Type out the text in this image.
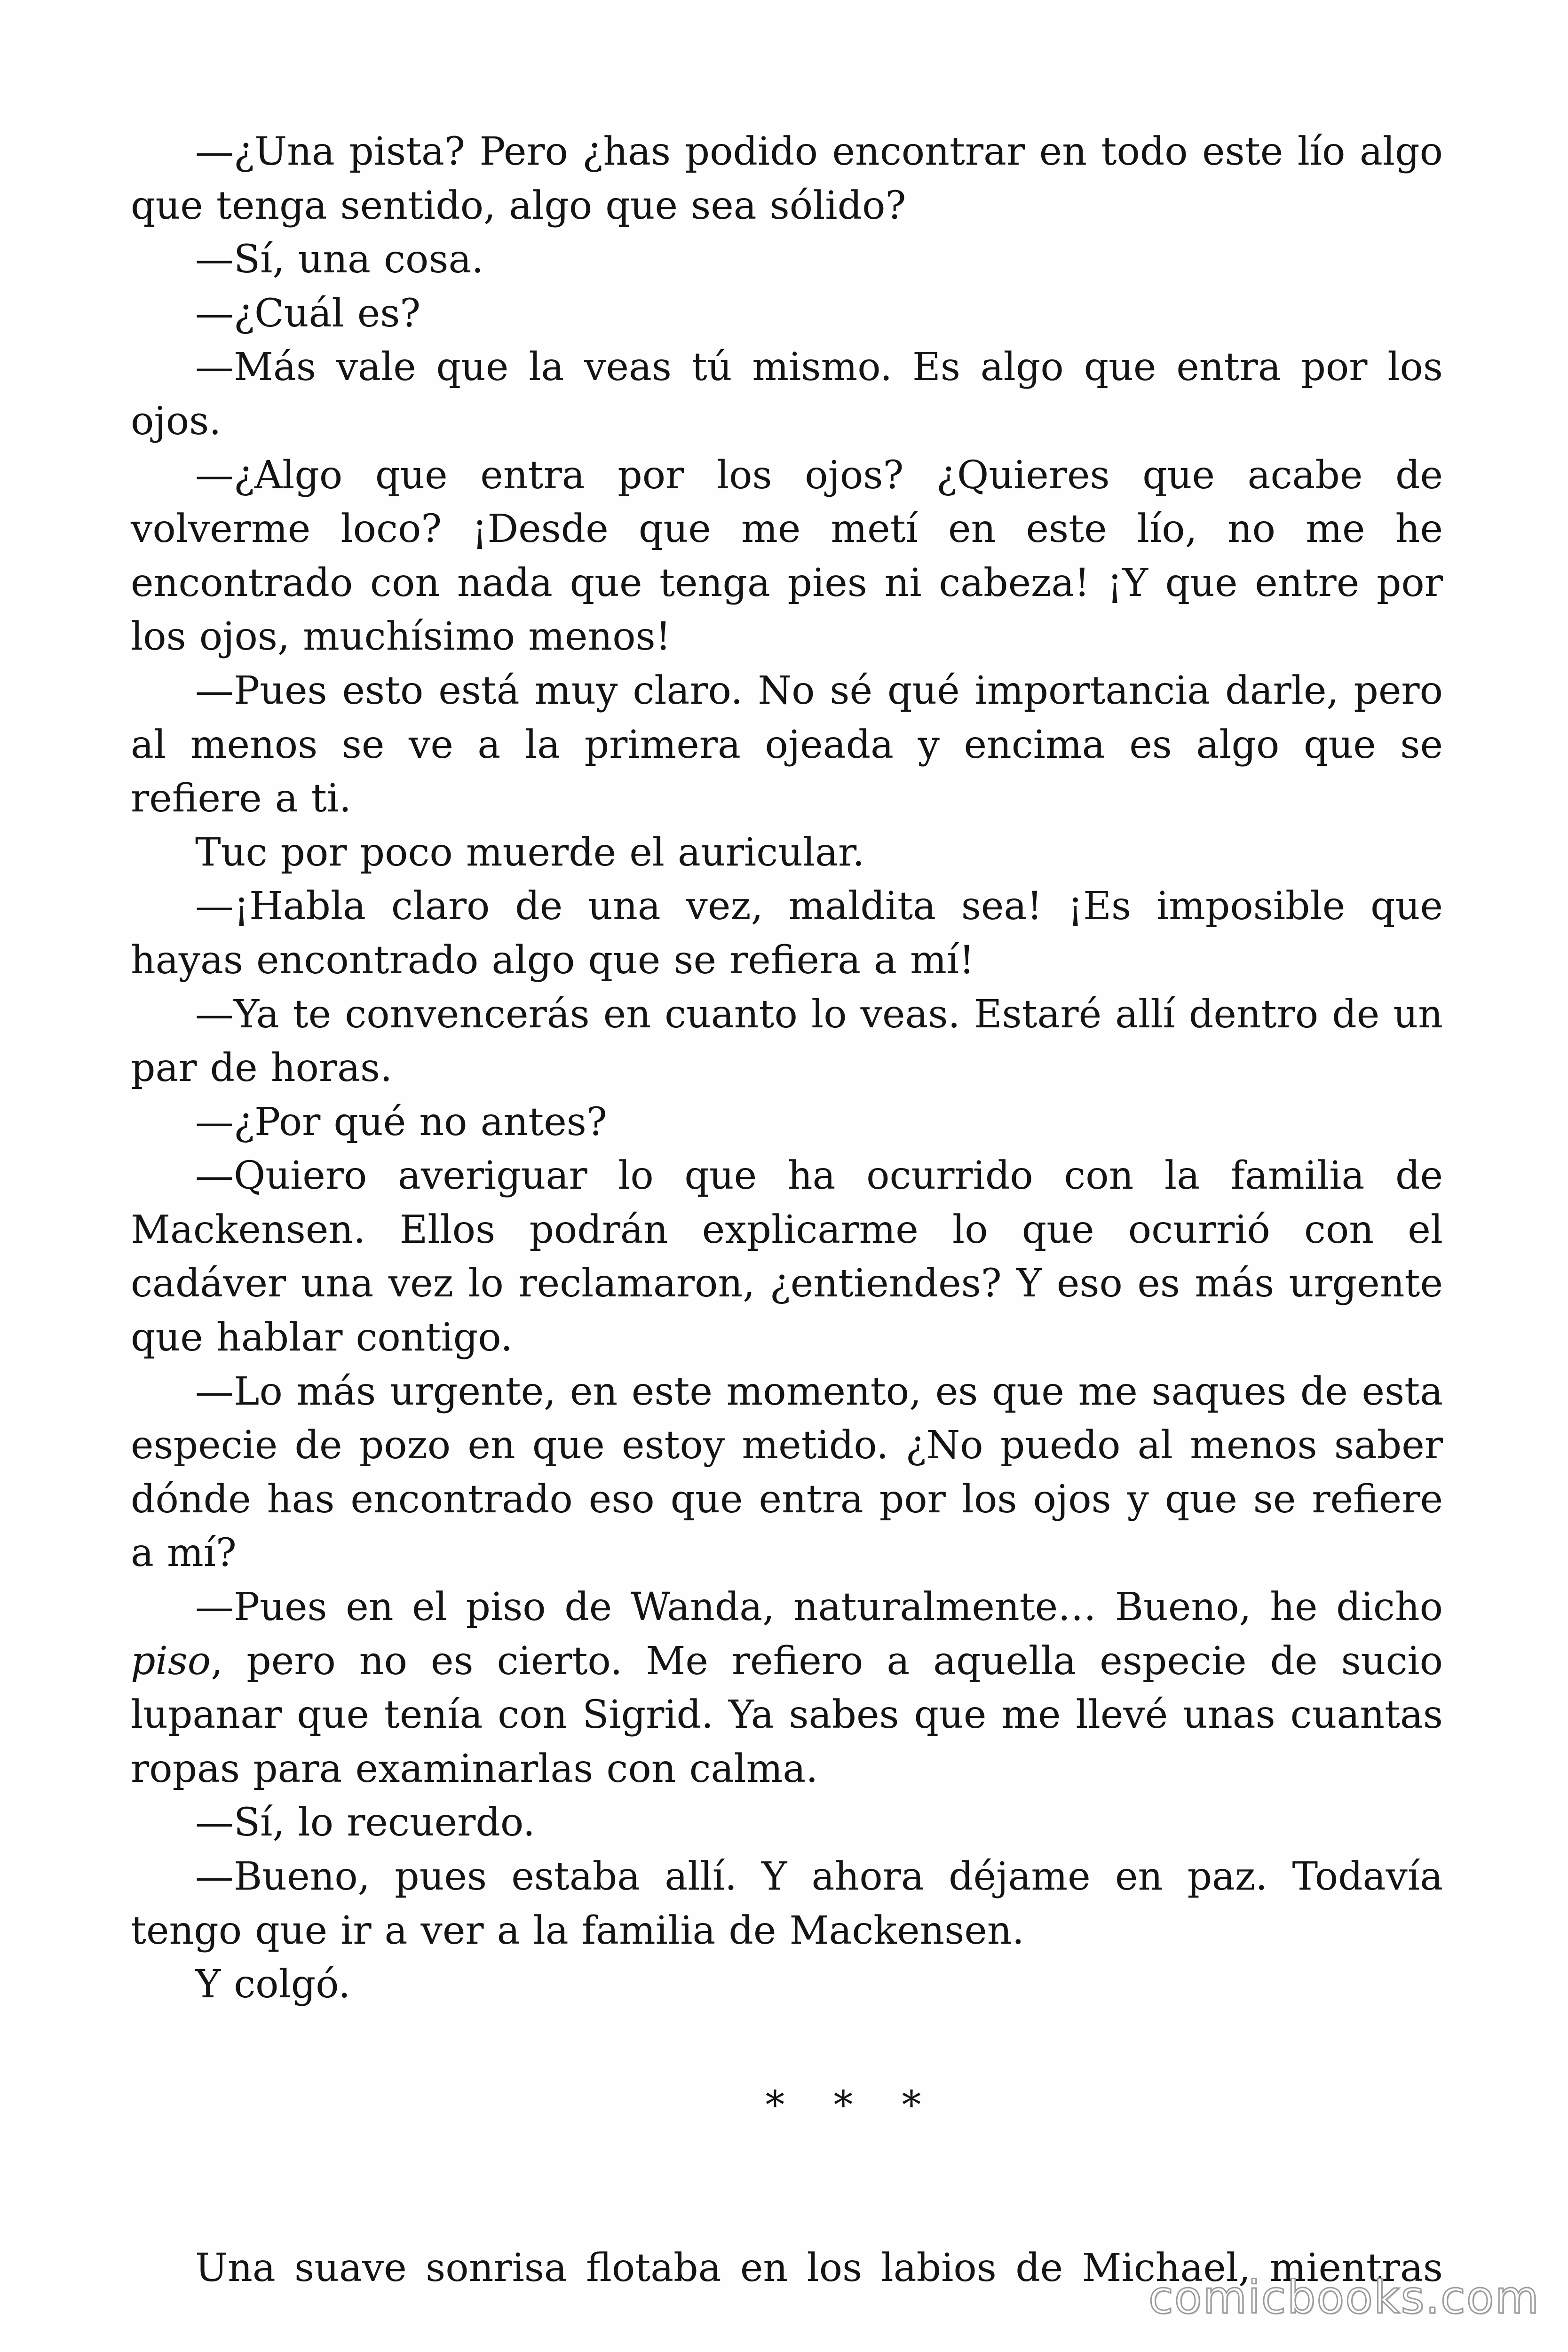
—¿Una pista? Pero ¿has podido encontrar en todo este lío algo que tenga sentido, algo que sea sólido?

—Sí, una cosa.

—¿Cuál es?

—Más vale que la veas tú mismo. Es algo que entra por los ojos.

—¿Algo que entra por los ojos? ¿Quieres que acabe de volverme loco? ¡Desde que me metí en este lío, no me he encontrado con nada que tenga pies ni cabeza! ¡Y que entre por los ojos, muchísimo menos!

—Pues esto está muy claro. No sé qué importancia darle, pero al menos se ve a la primera ojeada y encima es algo que se refiere a ti.

Tuc por poco muerde el auricular.

—¡Habla claro de una vez, maldita sea! ¡Es imposible que hayas encontrado algo que se refiera a mí!

—Ya te convencerás en cuanto lo veas. Estaré allí dentro de un par de horas.

—¿Por qué no antes?

—Quiero averiguar lo que ha ocurrido con la familia de Mackensen. Ellos podrán explicarme lo que ocurrió con el cadáver una vez lo reclamaron, ¿entiendes? Y eso es más urgente que hablar contigo.

—Lo más urgente, en este momento, es que me saques de esta especie de pozo en que estoy metido. ¿No puedo al menos saber dónde has encontrado eso que entra por los ojos y que se refiere a mí?

—Pues en el piso de Wanda, naturalmente… Bueno, he dicho piso, pero no es cierto. Me refiero a aquella especie de sucio lupanar que tenía con Sigrid. Ya sabes que me llevé unas cuantas ropas para examinarlas con calma.

—Sí, lo recuerdo.

—Bueno, pues estaba allí. Y ahora déjame en paz. Todavía tengo que ir a ver a la familia de Mackensen.

Y colgó.

* * *

Una suave sonrisa flotaba en los labios de Michael, mientras

comicbooks.com
